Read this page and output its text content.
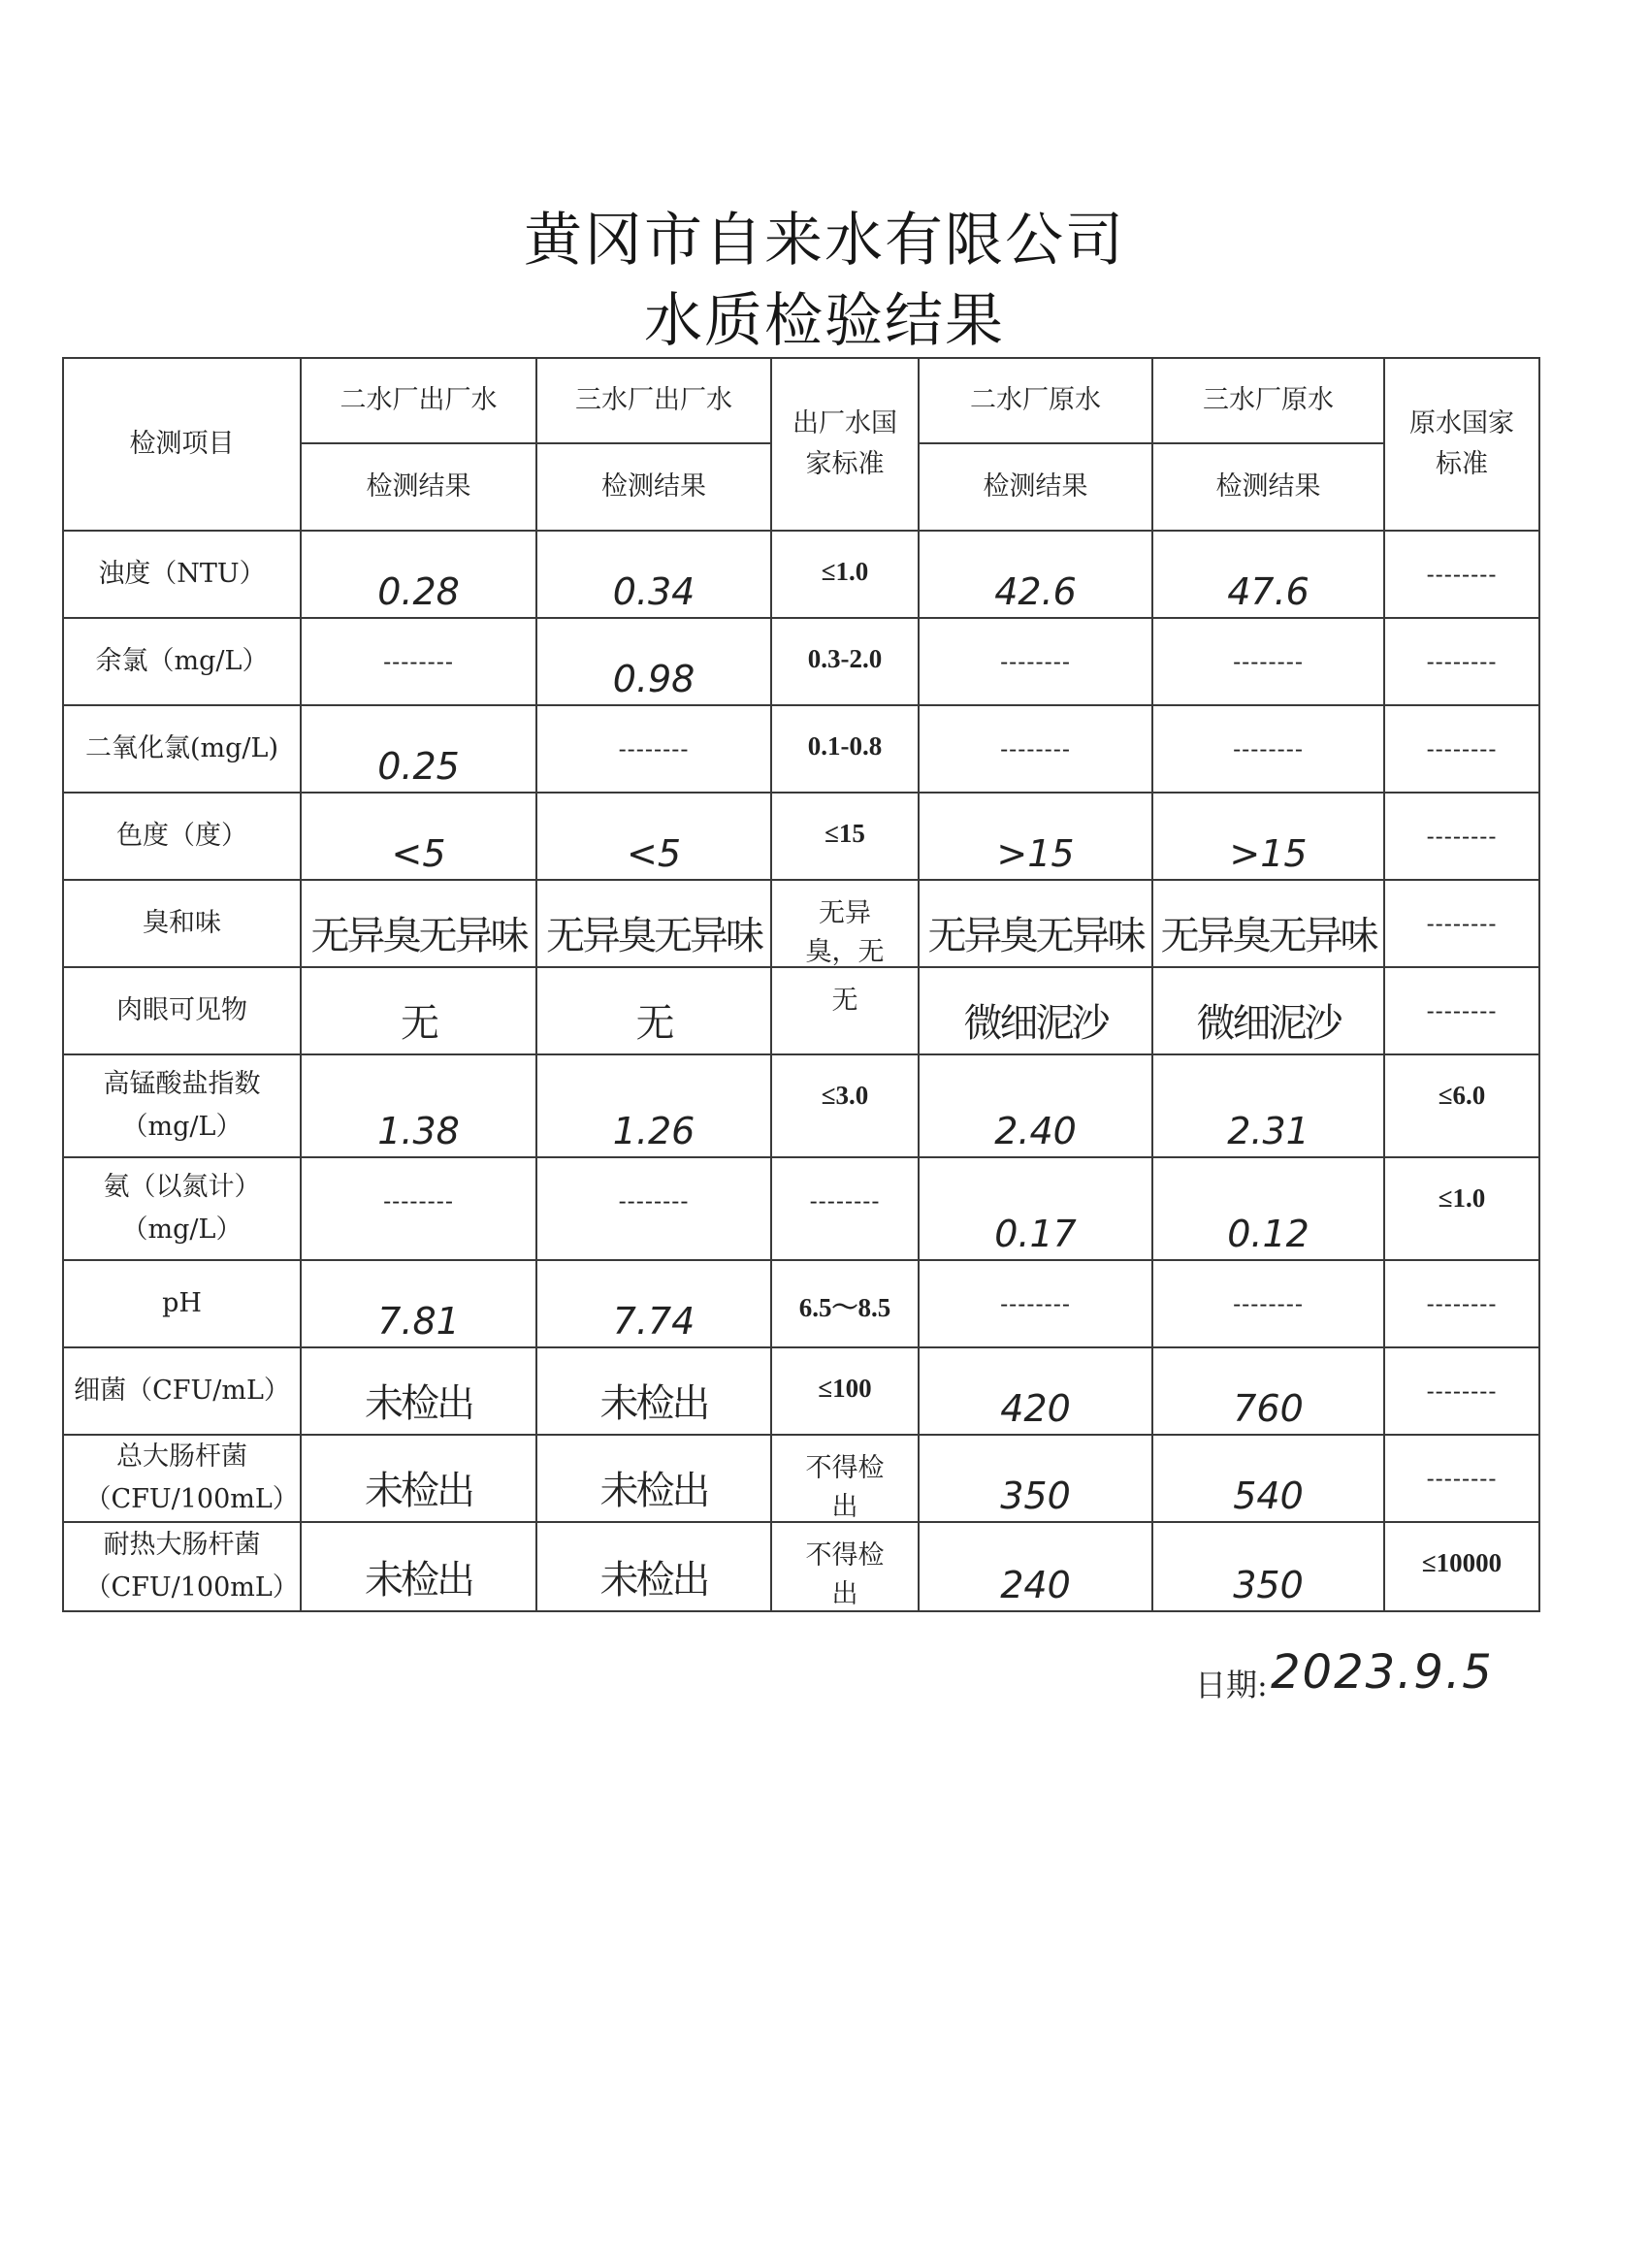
黄冈市自来水有限公司
水质检验结果
检测项目	二水厂出厂水	三水厂出厂水	出厂水国家标准	二水厂原水	三水厂原水	原水国家标准

	检测结果	检测结果		检测结果	检测结果	

浊度（NTU）	0.28	0.34	≤1.0	42.6	47.6	--------

余氯（mg/L）	--------	0.98	0.3-2.0	--------	--------	--------

二氧化氯(mg/L)	0.25	--------	0.1-0.8	--------	--------	--------

色度（度）	<5	<5	≤15	>15	>15	--------

臭和味	无异臭无异味	无异臭无异味	无异臭，无	无异臭无异味	无异臭无异味	--------

肉眼可见物	无	无	无	微细泥沙	微细泥沙	--------

高锰酸盐指数（mg/L）	1.38	1.26	≤3.0	2.40	2.31	≤6.0

氨（以氮计）（mg/L）	--------	--------	--------	0.17	0.12	≤1.0

pH	7.81	7.74	6.5～8.5	--------	--------	--------

细菌（CFU/mL）	未检出	未检出	≤100	420	760	--------

总大肠杆菌（CFU/100mL）	未检出	未检出	不得检出	350	540	--------

耐热大肠杆菌（CFU/100mL）	未检出	未检出	不得检出	240	350	≤10000
日期: 2023.9.5
